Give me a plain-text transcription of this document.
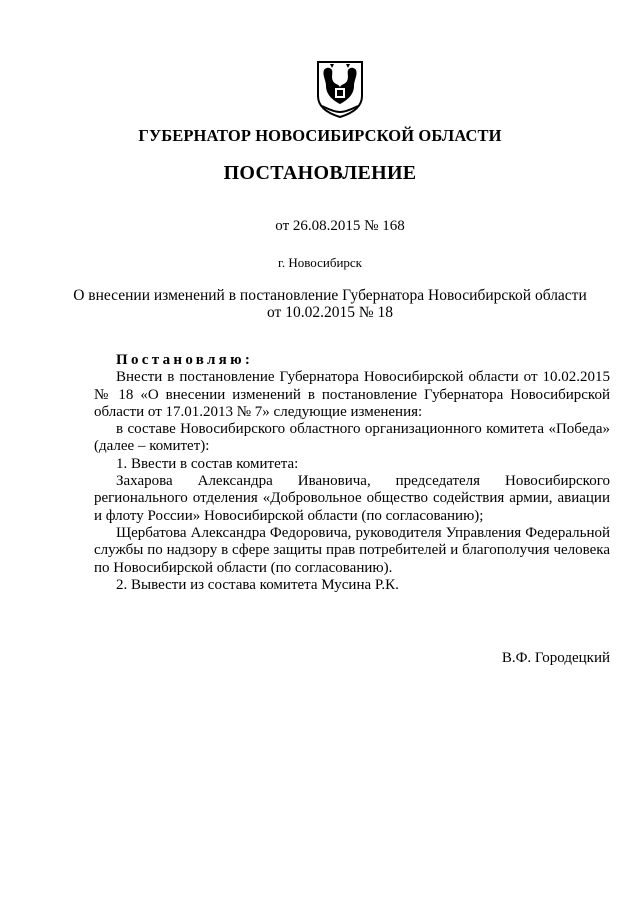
ГУБЕРНАТОР НОВОСИБИРСКОЙ ОБЛАСТИ
ПОСТАНОВЛЕНИЕ
от 26.08.2015 № 168
г. Новосибирск
О внесении изменений в постановление Губернатора Новосибирской области
от 10.02.2015 № 18

Постановляю:

Внести в постановление Губернатора Новосибирской области от 10.02.2015 № 18 «О внесении изменений в постановление Губернатора Новосибирской области от 17.01.2013 № 7» следующие изменения:

в составе Новосибирского областного организационного комитета «Победа» (далее – комитет):

1. Ввести в состав комитета:

Захарова Александра Ивановича, председателя Новосибирского регионального отделения «Добровольное общество содействия армии, авиации и флоту России» Новосибирской области (по согласованию);

Щербатова Александра Федоровича, руководителя Управления Федеральной службы по надзору в сфере защиты прав потребителей и благополучия человека по Новосибирской области (по согласованию).

2. Вывести из состава комитета Мусина Р.К.

В.Ф. Городецкий
